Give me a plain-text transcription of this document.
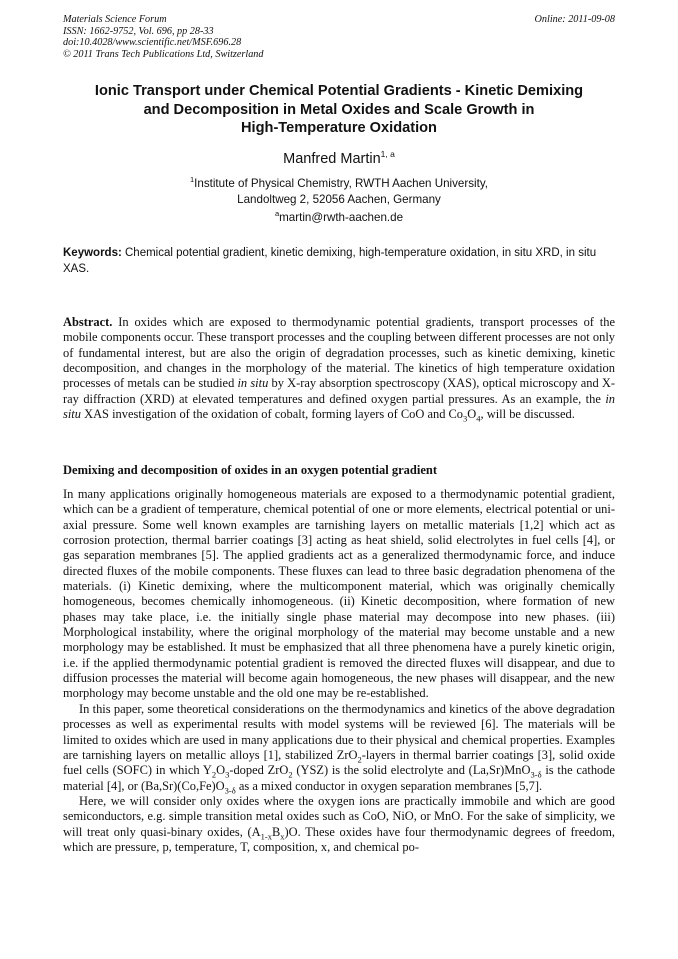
Materials Science Forum
ISSN: 1662-9752, Vol. 696, pp 28-33
doi:10.4028/www.scientific.net/MSF.696.28
© 2011 Trans Tech Publications Ltd, Switzerland
Online: 2011-09-08
Ionic Transport under Chemical Potential Gradients - Kinetic Demixing
and Decomposition in Metal Oxides and Scale Growth in
High-Temperature Oxidation
Manfred Martin$^{1, a}$
$^1$Institute of Physical Chemistry, RWTH Aachen University,
Landoltweg 2, 52056 Aachen, Germany
$^a$martin@rwth-aachen.de
Keywords: Chemical potential gradient, kinetic demixing, high-temperature oxidation, in situ XRD, in situ XAS.

Abstract. In oxides which are exposed to thermodynamic potential gradients, transport processes of the mobile components occur. These transport processes and the coupling between different processes are not only of fundamental interest, but are also the origin of degradation processes, such as kinetic demixing, kinetic decomposition, and changes in the morphology of the material. The kinetics of high temperature oxidation processes of metals can be studied in situ by X-ray absorption spectroscopy (XAS), optical microscopy and X-ray diffraction (XRD) at elevated temperatures and defined oxygen partial pressures. As an example, the in situ XAS investigation of the oxidation of cobalt, forming layers of CoO and $Co_3O_4$, will be discussed.

Demixing and decomposition of oxides in an oxygen potential gradient

In many applications originally homogeneous materials are exposed to a thermodynamic potential gradient, which can be a gradient of temperature, chemical potential of one or more elements, electrical potential or uni-axial pressure. Some well known examples are tarnishing layers on metallic materials [1,2] which act as corrosion protection, thermal barrier coatings [3] acting as heat shield, solid electrolytes in fuel cells [4], or gas separation membranes [5]. The applied gradients act as a generalized thermodynamic force, and induce directed fluxes of the mobile components. These fluxes can lead to three basic degradation phenomena of the materials. (i) Kinetic demixing, where the multicomponent material, which was originally chemically homogeneous, becomes chemically inhomogeneous. (ii) Kinetic decomposition, where formation of new phases may take place, i.e. the initially single phase material may decompose into new phases. (iii) Morphological instability, where the original morphology of the material may become unstable and a new morphology may be established. It must be emphasized that all three phenomena have a purely kinetic origin, i.e. if the applied thermodynamic potential gradient is removed the directed fluxes will disappear, and due to diffusion processes the material will become again homogeneous, the new phases will disappear, and the new morphology may become unstable and the old one may be re-established.

In this paper, some theoretical considerations on the thermodynamics and kinetics of the above degradation processes as well as experimental results with model systems will be reviewed [6]. The materials will be limited to oxides which are used in many applications due to their physical and chemical properties. Examples are tarnishing layers on metallic alloys [1], stabilized ZrO$_2$-layers in thermal barrier coatings [3], solid oxide fuel cells (SOFC) in which $Y_2O_3$-doped ZrO$_2$ (YSZ) is the solid electrolyte and (La,Sr)MnO$_{3-\delta}$ is the cathode material [4], or $(Ba,Sr)(Co,Fe)O_{3-\delta}$ as a mixed conductor in oxygen separation membranes [5,7].

Here, we will consider only oxides where the oxygen ions are practically immobile and which are good semiconductors, e.g. simple transition metal oxides such as CoO, NiO, or MnO. For the sake of simplicity, we will treat only quasi-binary oxides, $(A_{1-x}B_x)O$. These oxides have four thermodynamic degrees of freedom, which are pressure, p, temperature, T, composition, x, and chemical po-
